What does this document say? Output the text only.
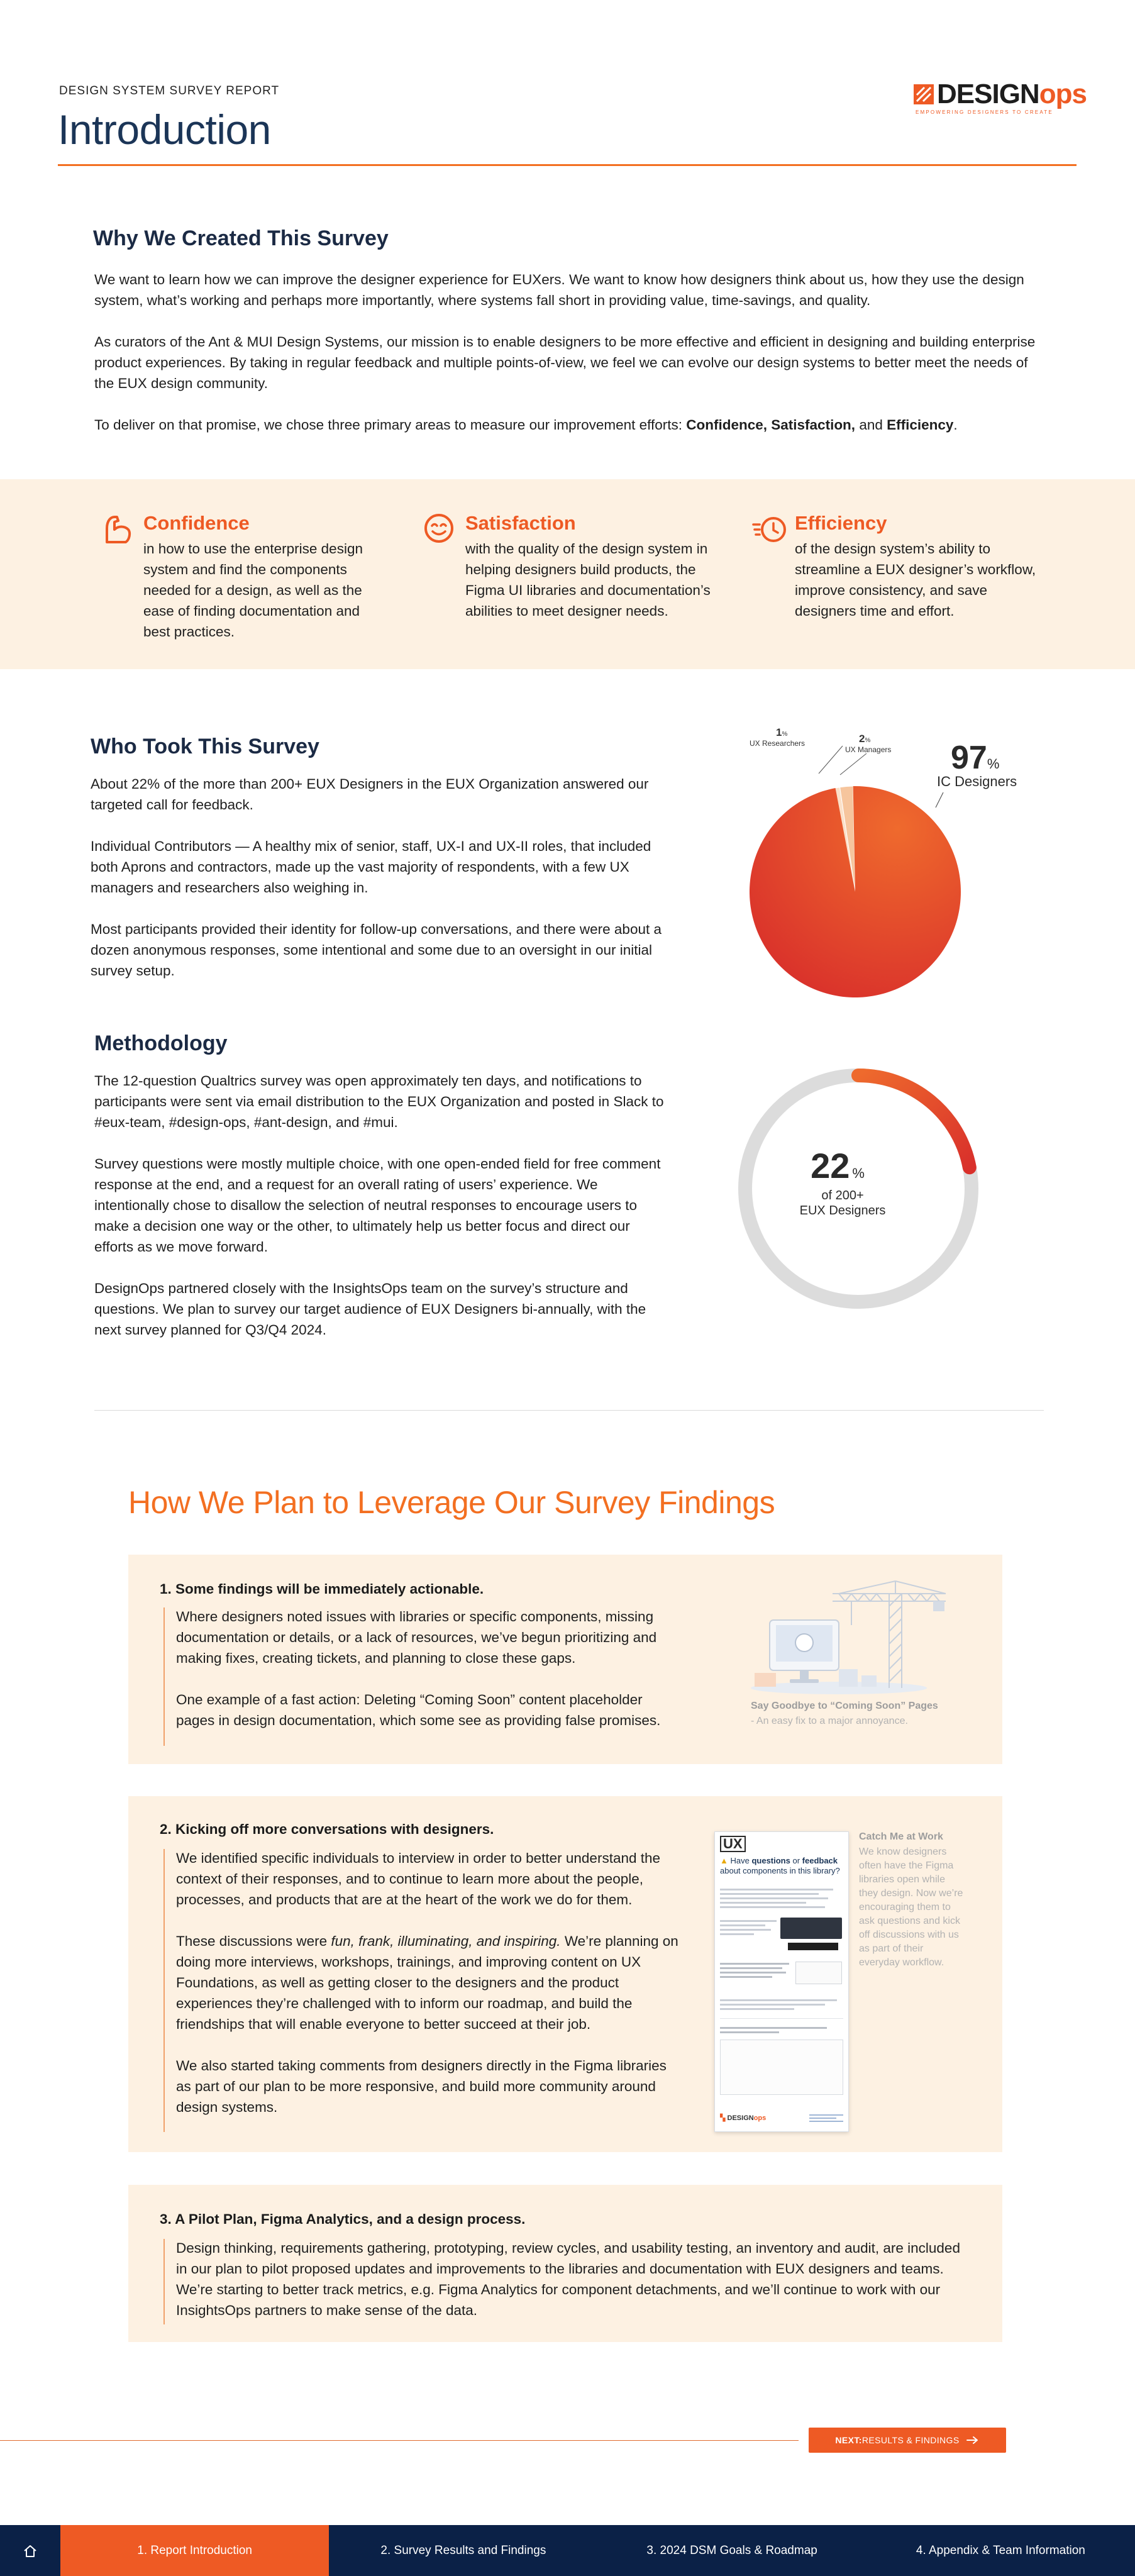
DESIGN SYSTEM SURVEY REPORT
Introduction
DESIGN ops
EMPOWERING DESIGNERS TO CREATE
Why We Created This Survey

We want to learn how we can improve the designer experience for EUXers. We want to know how designers think about us, how they use the design system, what’s working and perhaps more importantly, where systems fall short in providing value, time-savings, and quality.

As curators of the Ant & MUI Design Systems, our mission is to enable designers to be more effective and efficient in designing and building enterprise product experiences. By taking in regular feedback and multiple points-of-view, we feel we can evolve our design systems to better meet the needs of the EUX design community.

To deliver on that promise, we chose three primary areas to measure our improvement efforts: Confidence, Satisfaction, and Efficiency.

Confidence
in how to use the enterprise design system and find the components needed for a design, as well as the ease of finding documentation and best practices.
Satisfaction
with the quality of the design system in helping designers build products, the Figma UI libraries and documentation’s abilities to meet designer needs.
Efficiency
of the design system’s ability to streamline a EUX designer’s workflow, improve consistency, and save designers time and effort.
Who Took This Survey

About 22% of the more than 200+ EUX Designers in the EUX Organization answered our targeted call for feedback.

Individual Contributors — A healthy mix of senior, staff, UX-I and UX-II roles, that included both Aprons and contractors, made up the vast majority of respondents, with a few UX managers and researchers also weighing in.

Most participants provided their identity for follow-up conversations, and there were about a dozen anonymous responses, some intentional and some due to an oversight in our initial survey setup.

1%
UX Researchers	2%
UX Managers 97%
IC Designers
Methodology

The 12-question Qualtrics survey was open approximately ten days, and notifications to participants were sent via email distribution to the EUX Organization and posted in Slack to #eux-team, #design-ops, #ant-design, and #mui.

Survey questions were mostly multiple choice, with one open-ended field for free comment response at the end, and a request for an overall rating of users’ experience. We intentionally chose to disallow the selection of neutral responses to encourage users to make a decision one way or the other, to ultimately help us better focus and direct our efforts as we move forward.

DesignOps partnered closely with the InsightsOps team on the survey’s structure and questions. We plan to survey our target audience of EUX Designers bi-annually, with the next survey planned for Q3/Q4 2024.

22 %
of 200+
EUX Designers
How We Plan to Leverage Our Survey Findings
1. Some findings will be immediately actionable.

Where designers noted issues with libraries or specific components, missing documentation or details, or a lack of resources, we’ve begun prioritizing and making fixes, creating tickets, and planning to close these gaps.

One example of a fast action: Deleting “Coming Soon” content placeholder pages in design documentation, which some see as providing false promises.

Say Goodbye to “Coming Soon” Pages
- An easy fix to a major annoyance.
2. Kicking off more conversations with designers.

We identified specific individuals to interview in order to better understand the context of their responses, and to continue to learn more about the people, processes, and products that are at the heart of the work we do for them.

These discussions were fun, frank, illuminating, and inspiring. We’re planning on doing more interviews, workshops, trainings, and improving content on UX Foundations, as well as getting closer to the designers and the product experiences they’re challenged with to inform our roadmap, and build the friendships that will enable everyone to better succeed at their job.

We also started taking comments from designers directly in the Figma libraries as part of our plan to be more responsive, and build more community around design systems.

UX
▲ Have questions or feedback
about components in this library?
▚ DESIGNops
Catch Me at Work
We know designers often have the Figma libraries open while they design. Now we’re encouraging them to ask questions and kick off discussions with us as part of their everyday workflow.
3. A Pilot Plan, Figma Analytics, and a design process.

Design thinking, requirements gathering, prototyping, review cycles, and usability testing, an inventory and audit, are included in our plan to pilot proposed updates and improvements to the libraries and documentation with EUX designers and teams. We’re starting to better track metrics, e.g. Figma Analytics for component detachments, and we’ll continue to work with our InsightsOps partners to make sense of the data.

NEXT: RESULTS & FINDINGS
1. Report Introduction	2. Survey Results and Findings	3. 2024 DSM Goals & Roadmap	4. Appendix & Team Information
